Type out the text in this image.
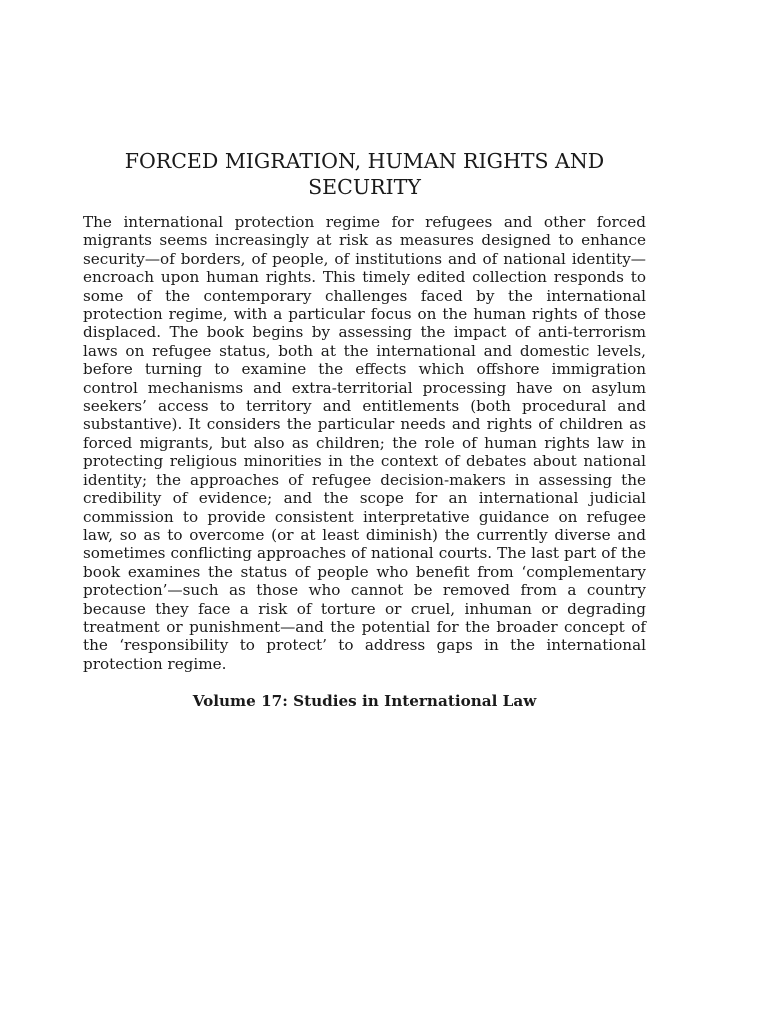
FORCED MIGRATION, HUMAN RIGHTS AND SECURITY

The international protection regime for refugees and other forced migrants seems increasingly at risk as measures designed to enhance security—of borders, of people, of institutions and of national identity—encroach upon human rights. This timely edited collection responds to some of the contemporary challenges faced by the international protection regime, with a particular focus on the human rights of those displaced. The book begins by assessing the impact of anti-terrorism laws on refugee status, both at the international and domestic levels, before turning to examine the effects which offshore immigration control mechanisms and extra-territorial processing have on asylum seekers’ access to territory and entitlements (both procedural and substantive). It considers the particular needs and rights of children as forced migrants, but also as children; the role of human rights law in protecting religious minorities in the context of debates about national identity; the approaches of refugee decision-makers in assessing the credibility of evidence; and the scope for an international judicial commission to provide consistent interpretative guidance on refugee law, so as to overcome (or at least diminish) the currently diverse and sometimes conflicting approaches of national courts. The last part of the book examines the status of people who benefit from ‘complementary protection’—such as those who cannot be removed from a country because they face a risk of torture or cruel, inhuman or degrading treatment or punishment—and the potential for the broader concept of the ‘responsibility to protect’ to address gaps in the international protection regime.

Volume 17: Studies in International Law
